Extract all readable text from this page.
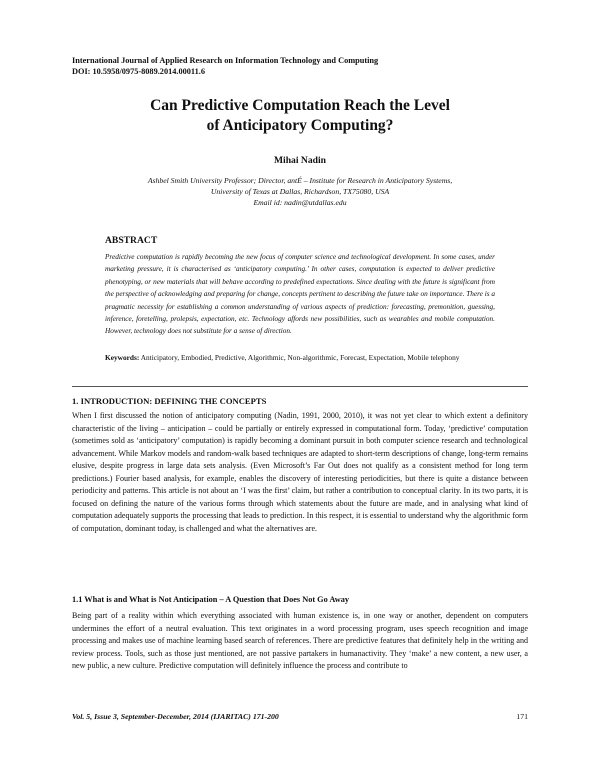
International Journal of Applied Research on Information Technology and Computing
DOI: 10.5958/0975-8089.2014.00011.6
Can Predictive Computation Reach the Level
of Anticipatory Computing?
Mihai Nadin
Ashbel Smith University Professor; Director, antÉ – Institute for Research in Anticipatory Systems,
University of Texas at Dallas, Richardson, TX75080, USA
Email id: nadin@utdallas.edu
ABSTRACT

Predictive computation is rapidly becoming the new focus of computer science and technological development. In some cases, under marketing pressure, it is characterised as ‘anticipatory computing.’ In other cases, computation is expected to deliver predictive phenotyping, or new materials that will behave according to predefined expectations. Since dealing with the future is significant from the perspective of acknowledging and preparing for change, concepts pertinent to describing the future take on importance. There is a pragmatic necessity for establishing a common understanding of various aspects of prediction: forecasting, premonition, guessing, inference, foretelling, prolepsis, expectation, etc. Technology affords new possibilities, such as wearables and mobile computation. However, technology does not substitute for a sense of direction.

Keywords: Anticipatory, Embodied, Predictive, Algorithmic, Non-algorithmic, Forecast, Expectation, Mobile telephony

1. INTRODUCTION: DEFINING THE CONCEPTS

When I first discussed the notion of anticipatory computing (Nadin, 1991, 2000, 2010), it was not yet clear to which extent a definitory characteristic of the living – anticipation – could be partially or entirely expressed in computational form. Today, ‘predictive’ computation (sometimes sold as ‘anticipatory’ computation) is rapidly becoming a dominant pursuit in both computer science research and technological advancement. While Markov models and random-walk based techniques are adapted to short-term descriptions of change, long-term remains elusive, despite progress in large data sets analysis. (Even Microsoft’s Far Out does not qualify as a consistent method for long term predictions.) Fourier based analysis, for example, enables the discovery of interesting periodicities, but there is quite a distance between periodicity and patterns. This article is not about an ‘I was the first’ claim, but rather a contribution to conceptual clarity. In its two parts, it is focused on defining the nature of the various forms through which statements about the future are made, and in analysing what kind of computation adequately supports the processing that leads to prediction. In this respect, it is essential to understand why the algorithmic form of computation, dominant today, is challenged and what the alternatives are.

1.1 What is and What is Not Anticipation – A Question that Does Not Go Away

Being part of a reality within which everything associated with human existence is, in one way or another, dependent on computers undermines the effort of a neutral evaluation. This text originates in a word processing program, uses speech recognition and image processing and makes use of machine learning based search of references. There are predictive features that definitely help in the writing and review process. Tools, such as those just mentioned, are not passive partakers in humanactivity. They ‘make’ a new content, a new user, a new public, a new culture. Predictive computation will definitely influence the process and contribute to

Vol. 5, Issue 3, September-December, 2014 (IJARITAC) 171-200	171
